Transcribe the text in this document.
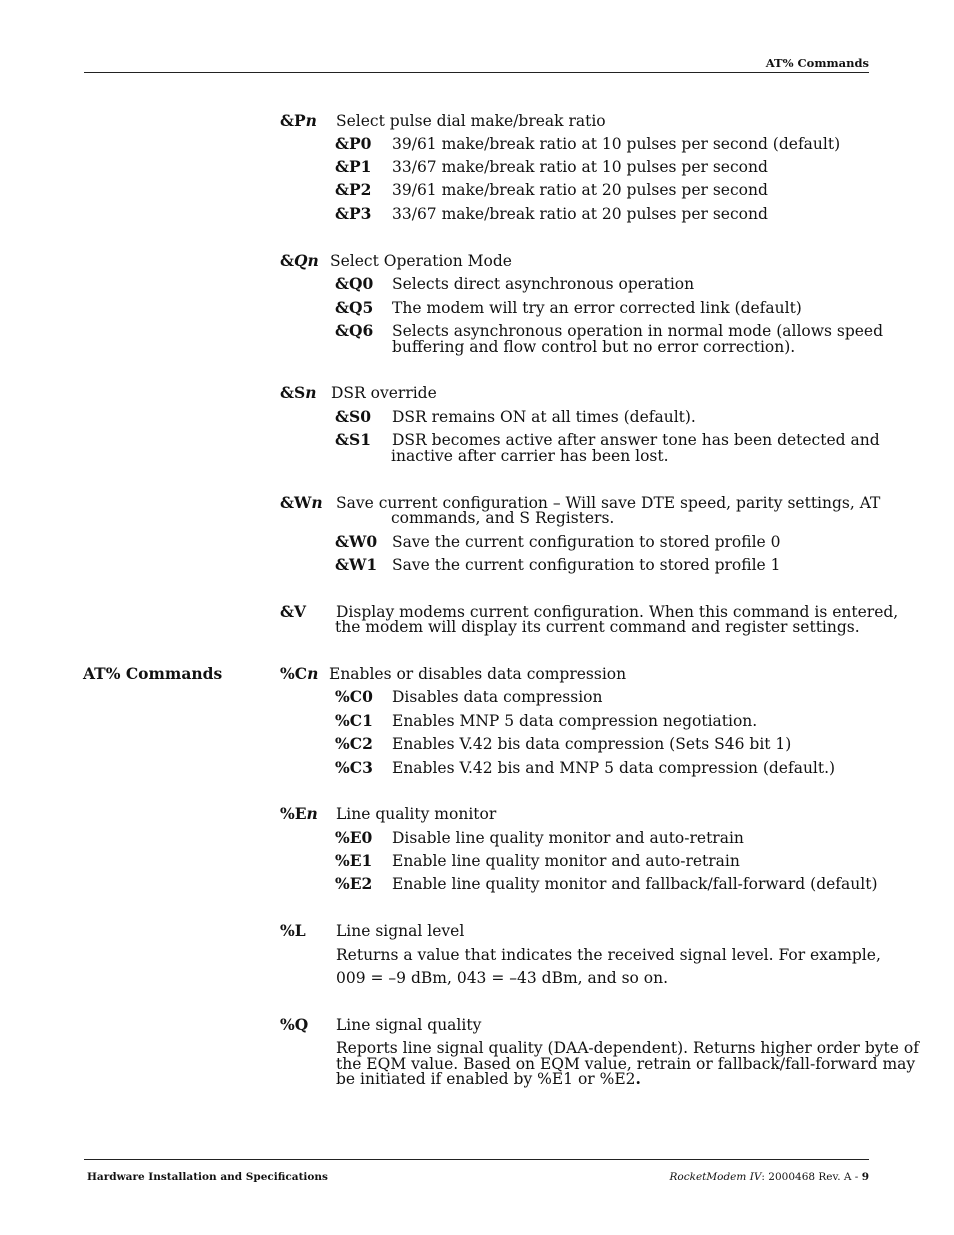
AT% Commands
&Pn Select pulse dial make/break ratio
&P0 39/61 make/break ratio at 10 pulses per second (default)
&P1 33/67 make/break ratio at 10 pulses per second
&P2 39/61 make/break ratio at 20 pulses per second
&P3 33/67 make/break ratio at 20 pulses per second
&Qn Select Operation Mode
&Q0 Selects direct asynchronous operation
&Q5 The modem will try an error corrected link (default)
&Q6 Selects asynchronous operation in normal mode (allows speed
buffering and flow control but no error correction).
&Sn DSR override
&S0 DSR remains ON at all times (default).
&S1 DSR becomes active after answer tone has been detected and
inactive after carrier has been lost.
&Wn Save current configuration – Will save DTE speed, parity settings, AT
commands, and S Registers.
&W0 Save the current configuration to stored profile 0
&W1 Save the current configuration to stored profile 1
&V Display modems current configuration. When this command is entered,
the modem will display its current command and register settings.
AT% Commands	%Cn Enables or disables data compression
%C0 Disables data compression
%C1 Enables MNP 5 data compression negotiation.
%C2 Enables V.42 bis data compression (Sets S46 bit 1)
%C3 Enables V.42 bis and MNP 5 data compression (default.)
%En Line quality monitor
%E0 Disable line quality monitor and auto-retrain
%E1 Enable line quality monitor and auto-retrain
%E2 Enable line quality monitor and fallback/fall-forward (default)
%L Line signal level
Returns a value that indicates the received signal level. For example,
009 = –9 dBm, 043 = –43 dBm, and so on.
%Q Line signal quality
Reports line signal quality (DAA-dependent). Returns higher order byte of
the EQM value. Based on EQM value, retrain or fallback/fall-forward may
be initiated if enabled by %E1 or %E2.
Hardware Installation and Specifications	RocketModem IV: 2000468 Rev. A - 9
